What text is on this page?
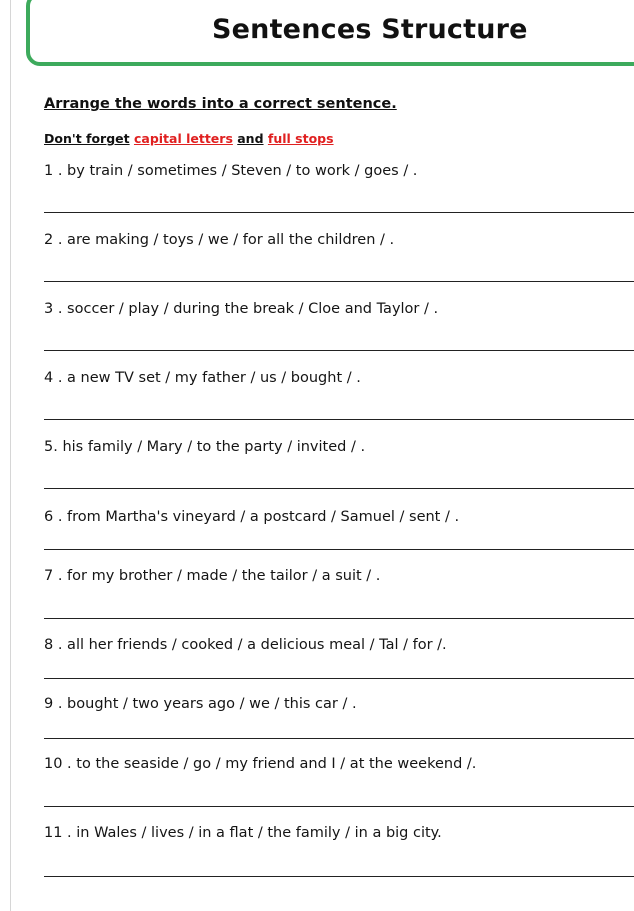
Sentences Structure
Arrange the words into a correct sentence.
Don't forget capital letters and full stops
1 . by train / sometimes / Steven / to work / goes / .
2 . are making / toys / we / for all the children / .
3 . soccer / play / during the break / Cloe and Taylor / .
4 . a new TV set / my father / us / bought / .
5. his family / Mary / to the party / invited / .
6 . from Martha's vineyard / a postcard / Samuel / sent / .
7 . for my brother / made / the tailor / a suit / .
8 . all her friends / cooked / a delicious meal / Tal / for /.
9 . bought / two years ago / we / this car / .
10 . to the seaside / go / my friend and I / at the weekend /.
11 . in Wales / lives / in a flat / the family / in a big city.
